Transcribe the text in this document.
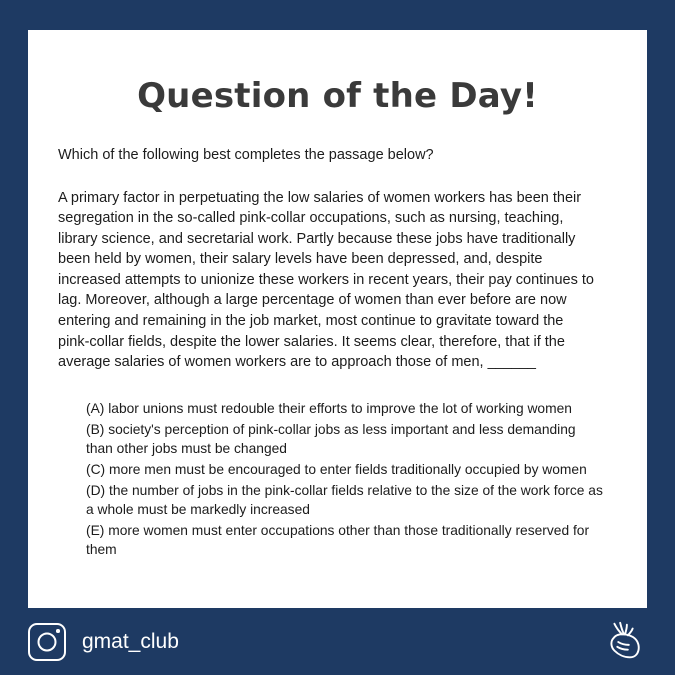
Question of the Day!
Which of the following best completes the passage below?
A primary factor in perpetuating the low salaries of women workers has been their segregation in the so-called pink-collar occupations, such as nursing, teaching, library science, and secretarial work. Partly because these jobs have traditionally been held by women, their salary levels have been depressed, and, despite increased attempts to unionize these workers in recent years, their pay continues to lag. Moreover, although a large percentage of women than ever before are now entering and remaining in the job market, most continue to gravitate toward the pink-collar fields, despite the lower salaries. It seems clear, therefore, that if the average salaries of women workers are to approach those of men, ______
(A) labor unions must redouble their efforts to improve the lot of working women
(B) society's perception of pink-collar jobs as less important and less demanding than other jobs must be changed
(C) more men must be encouraged to enter fields traditionally occupied by women
(D) the number of jobs in the pink-collar fields relative to the size of the work force as a whole must be markedly increased
(E) more women must enter occupations other than those traditionally reserved for them
gmat_club
